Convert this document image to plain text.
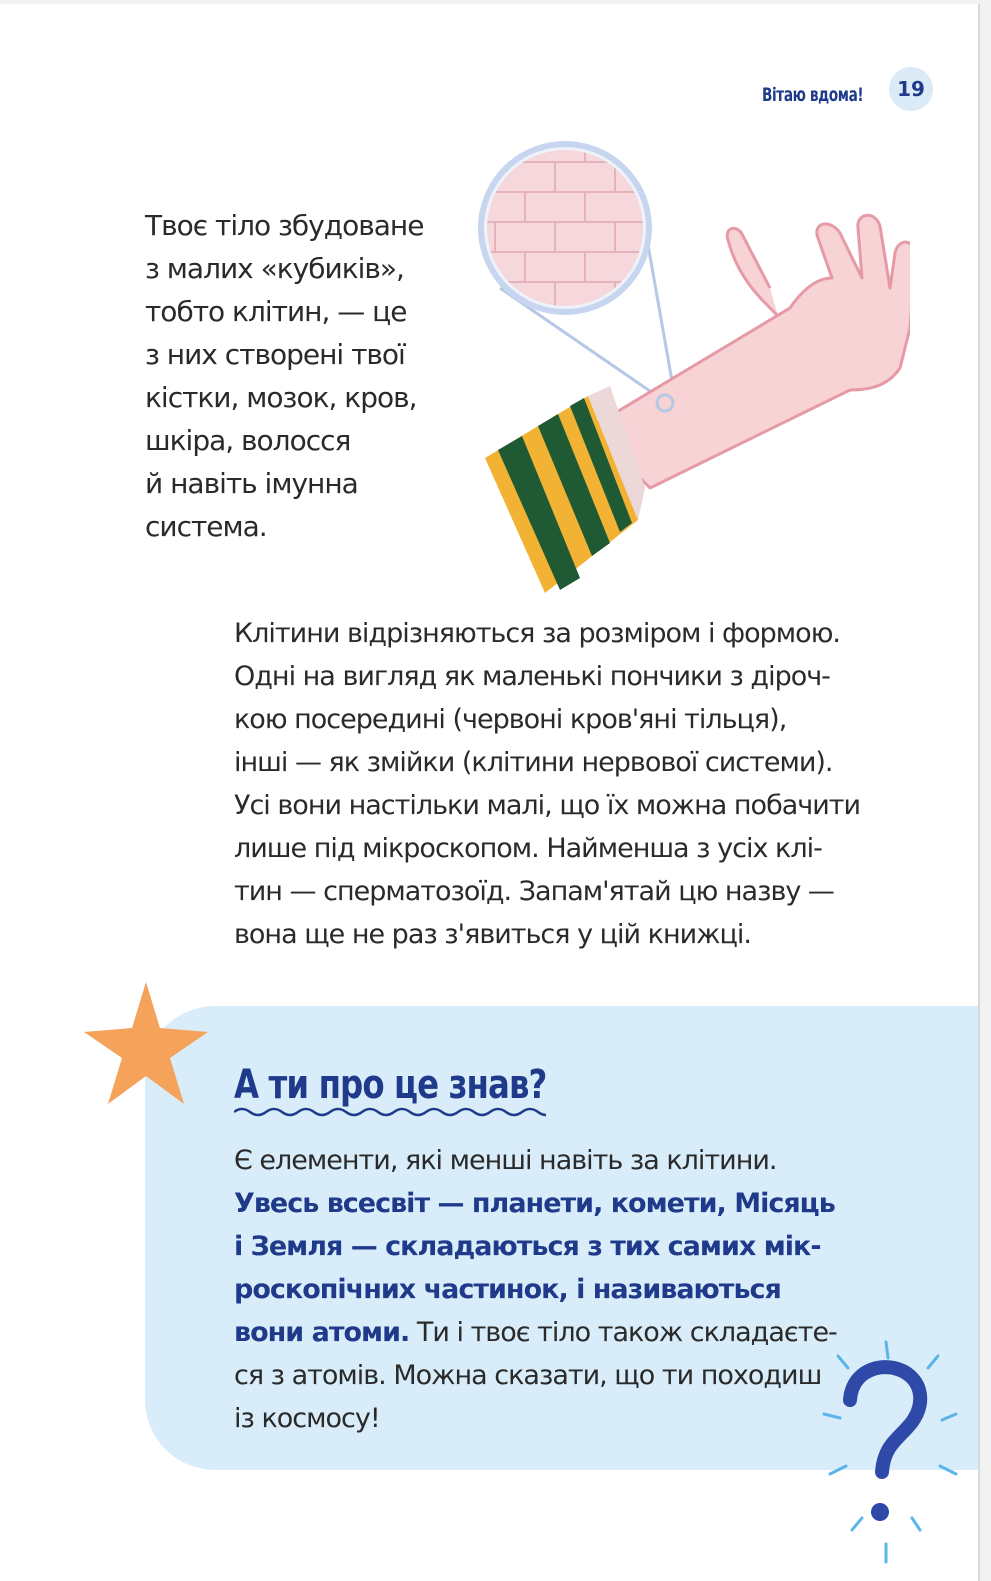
Вітаю вдома!	19
Твоє тіло збудоване
з малих «кубиків»,
тобто клітин, — це
з них створені твої
кістки, мозок, кров,
шкіра, волосся
й навіть імунна
система.
Клітини відрізняються за розміром і формою.
Одні на вигляд як маленькі пончики з діроч-
кою посередині (червоні кров'яні тільця),
інші — як змійки (клітини нервової системи).
Усі вони настільки малі, що їх можна побачити
лише під мікроскопом. Найменша з усіх клі-
тин — сперматозоїд. Запам'ятай цю назву —
вона ще не раз з'явиться у цій книжці.
А ти про це знав?
Є елементи, які менші навіть за клітини.
Увесь всесвіт — планети, комети, Місяць
і Земля — складаються з тих самих мік-
роскопічних частинок, і називаються
вони атоми. Ти і твоє тіло також складаєте-
ся з атомів. Можна сказати, що ти походиш
із космосу!
